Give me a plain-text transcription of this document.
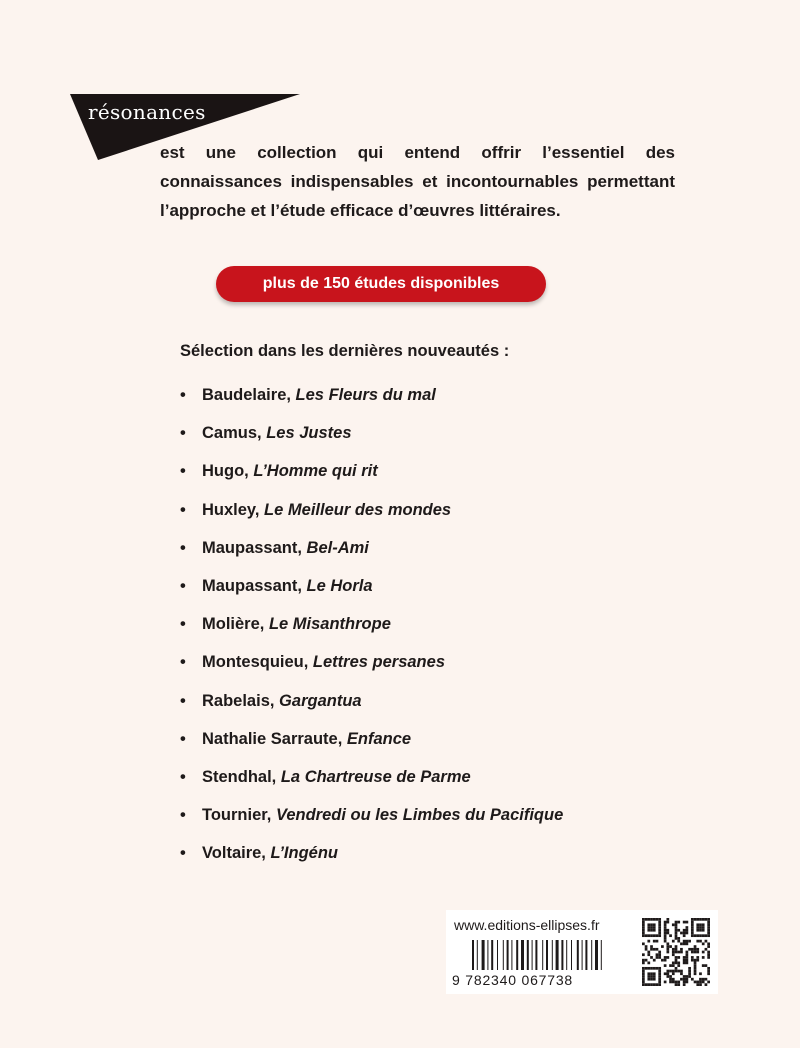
résonances

est une collection qui entend offrir l’essentiel des connaissances indispensables et incontournables permettant l’approche et l’étude efficace d’œuvres littéraires.

plus de 150 études disponibles

Sélection dans les dernières nouveautés :

• Baudelaire, Les Fleurs du mal
• Camus, Les Justes
• Hugo, L’Homme qui rit
• Huxley, Le Meilleur des mondes
• Maupassant, Bel-Ami
• Maupassant, Le Horla
• Molière, Le Misanthrope
• Montesquieu, Lettres persanes
• Rabelais, Gargantua
• Nathalie Sarraute, Enfance
• Stendhal, La Chartreuse de Parme
• Tournier, Vendredi ou les Limbes du Pacifique
• Voltaire, L’Ingénu
www.editions-ellipses.fr
9 782340 067738
